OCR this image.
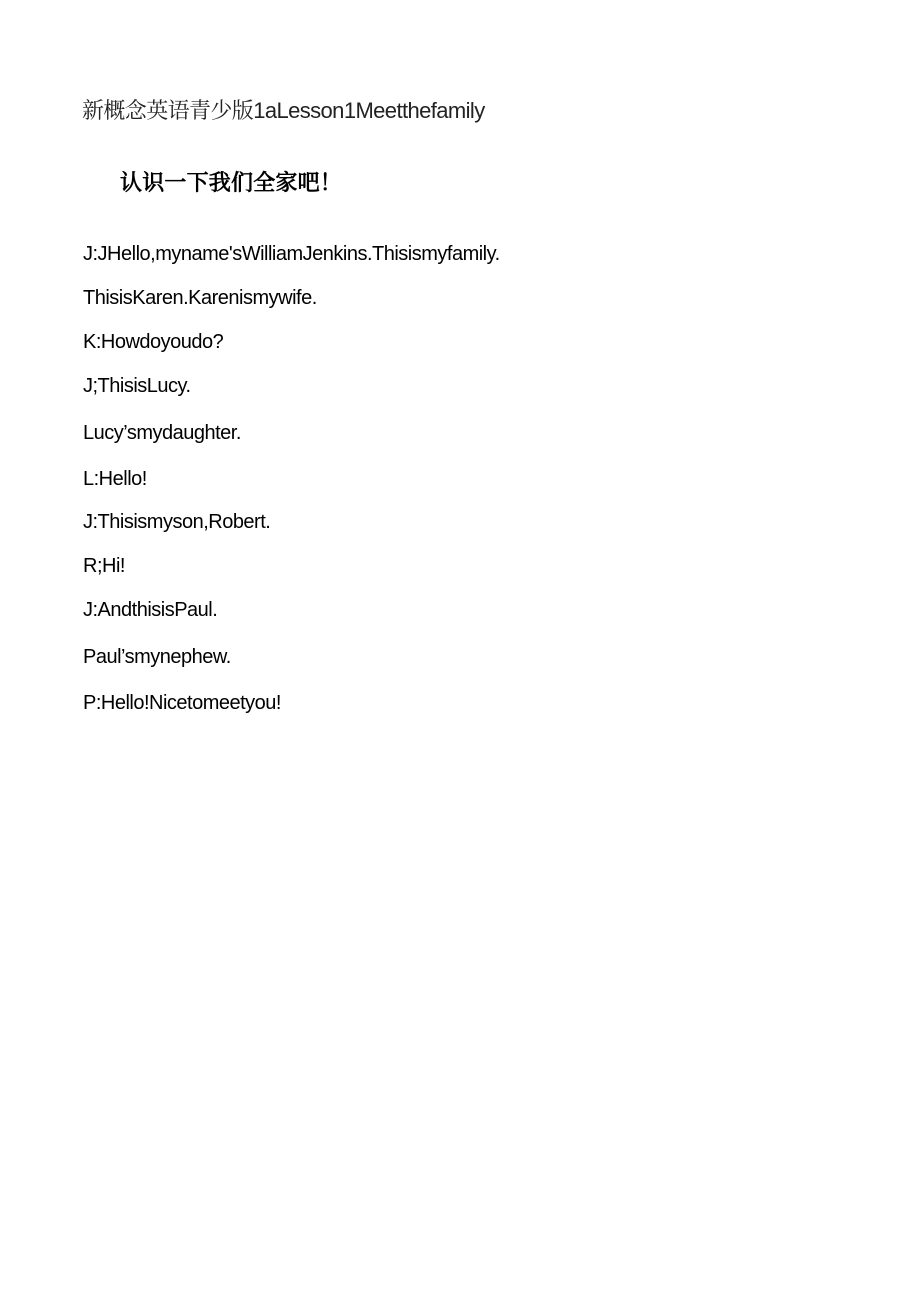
新概念英语青少版1aLesson1Meetthefamily
认识一下我们全家吧！
J:JHello,myname'sWilliamJenkins.Thisismyfamily.
ThisisKaren.Karenismywife.
K:Howdoyoudo?
J;ThisisLucy.
Lucy’smydaughter.
L:Hello!
J:Thisismyson,Robert.
R;Hi!
J:AndthisisPaul.
Paul’smynephew.
P:Hello!Nicetomeetyou!
